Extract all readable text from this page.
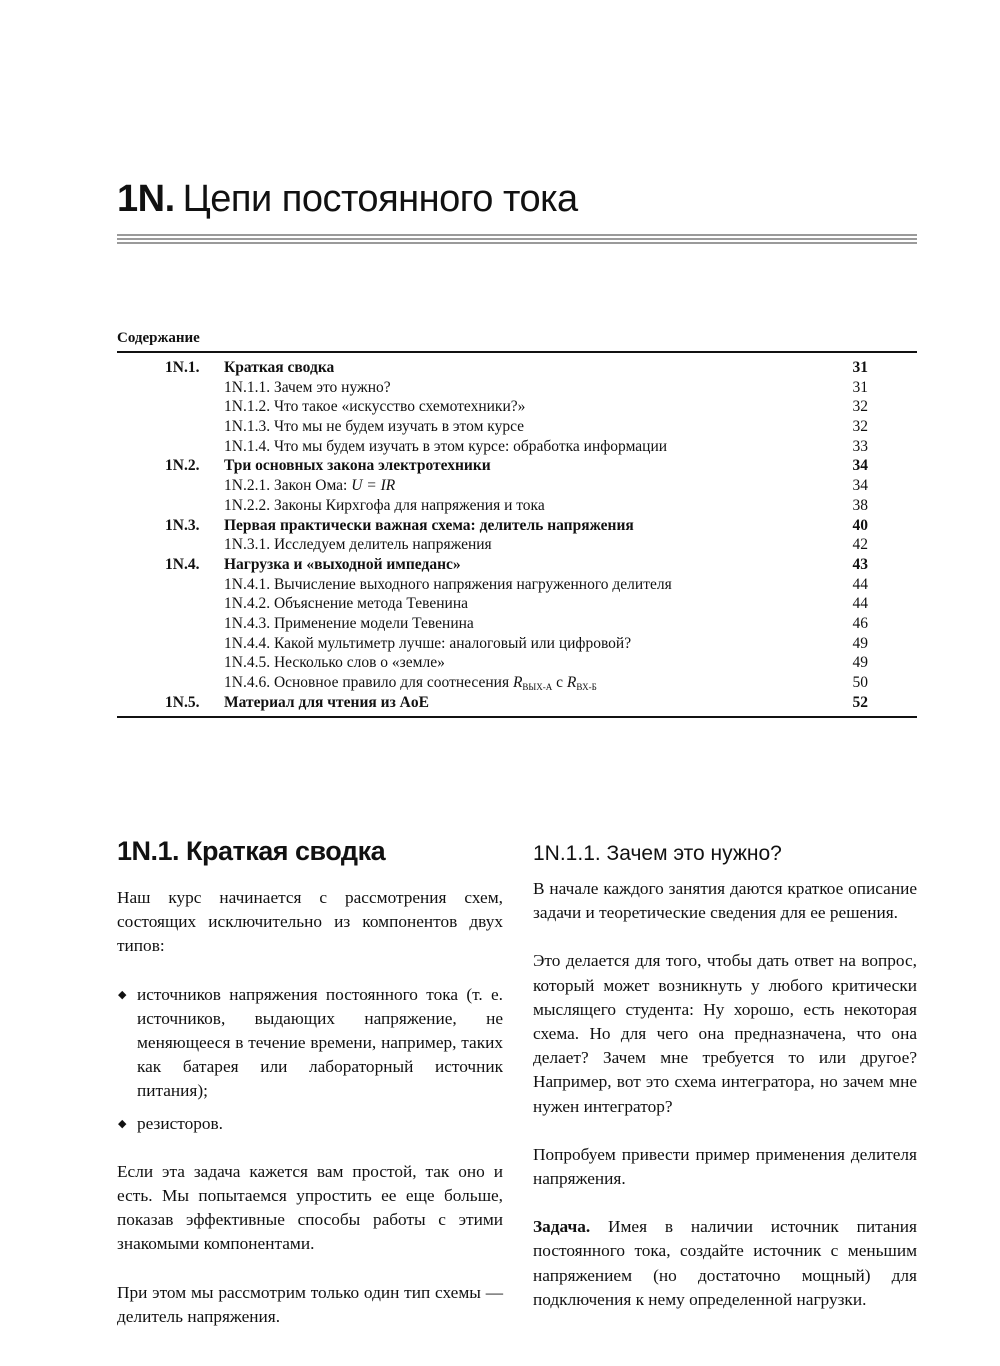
1N. Цепи постоянного тока
Содержание
1N.1. Краткая сводка	31
1N.1.1. Зачем это нужно?	31
1N.1.2. Что такое «искусство схемотехники?»	32
1N.1.3. Что мы не будем изучать в этом курсе	32
1N.1.4. Что мы будем изучать в этом курсе: обработка информации	33
1N.2. Три основных закона электротехники	34
1N.2.1. Закон Ома: U = IR	34
1N.2.2. Законы Кирхгофа для напряжения и тока	38
1N.3. Первая практически важная схема: делитель напряжения	40
1N.3.1. Исследуем делитель напряжения	42
1N.4. Нагрузка и «выходной импеданс»	43
1N.4.1. Вычисление выходного напряжения нагруженного делителя	44
1N.4.2. Объяснение метода Тевенина	44
1N.4.3. Применение модели Тевенина	46
1N.4.4. Какой мультиметр лучше: аналоговый или цифровой?	49
1N.4.5. Несколько слов о «земле»	49
1N.4.6. Основное правило для соотнесения $R_{ВЫХ-А}$ с $R_{ВХ-Б}$	50
1N.5. Материал для чтения из AoE	52
1N.1. Краткая сводка

Наш курс начинается с рассмотрения схем, состоящих исключительно из компонентов двух типов:

◆ источников напряжения постоянного тока (т. е. источников, выдающих напряжение, не меняющееся в течение времени, например, таких как батарея или лабораторный источник питания);
◆ резисторов.

Если эта задача кажется вам простой, так оно и есть. Мы попытаемся упростить ее еще больше, показав эффективные способы работы с этими знакомыми компонентами.

При этом мы рассмотрим только один тип схемы — делитель напряжения.

1N.1.1. Зачем это нужно?

В начале каждого занятия даются краткое описание задачи и теоретические сведения для ее решения.

Это делается для того, чтобы дать ответ на вопрос, который может возникнуть у любого критически мыслящего студента: Ну хорошо, есть некоторая схема. Но для чего она предназначена, что она делает? Зачем мне требуется то или другое? Например, вот это схема интегратора, но зачем мне нужен интегратор?

Попробуем привести пример применения делителя напряжения.

Задача. Имея в наличии источник питания постоянного тока, создайте источник с меньшим напряжением (но достаточно мощный) для подключения к нему определенной нагрузки.
